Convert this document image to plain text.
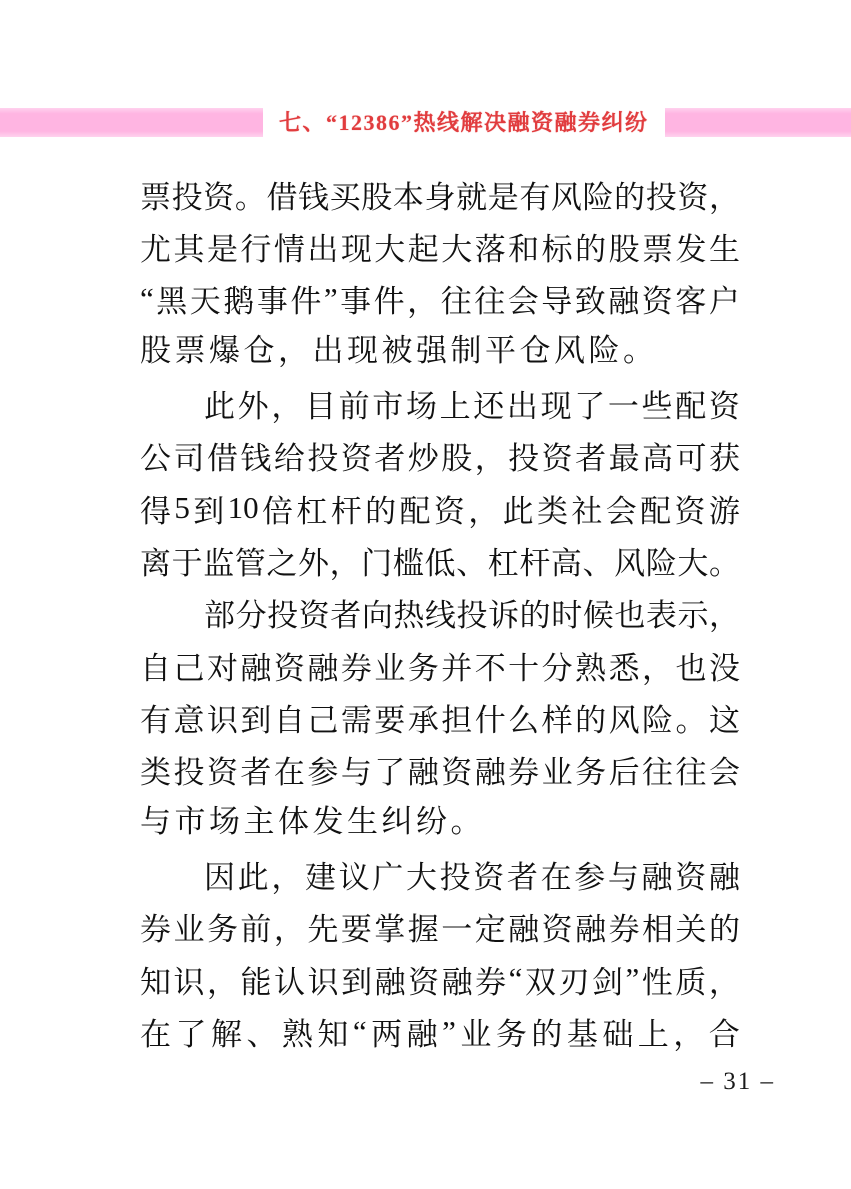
七、“12386”热线解决融资融券纠纷
票 投 资 。 借 钱 买 股 本 身 就 是 有 风 险 的 投 资 ，
尤 其 是 行 情 出 现 大 起 大 落 和 标 的 股 票 发 生
“ 黑 天 鹅 事 件 ” 事 件 ， 往 往 会 导 致 融 资 客 户
股票爆仓，出现被强制平仓风险。
此 外 ， 目 前 市 场 上 还 出 现 了 一 些 配 资
公 司 借 钱 给 投 资 者 炒 股 ， 投 资 者 最 高 可 获
得 5 到 10 倍 杠 杆 的 配 资 ， 此 类 社 会 配 资 游
离 于 监 管 之 外 ， 门 槛 低 、 杠 杆 高 、 风 险 大 。
部 分 投 资 者 向 热 线 投 诉 的 时 候 也 表 示 ，
自 己 对 融 资 融 券 业 务 并 不 十 分 熟 悉 ， 也 没
有 意 识 到 自 己 需 要 承 担 什 么 样 的 风 险 。 这
类 投 资 者 在 参 与 了 融 资 融 券 业 务 后 往 往 会
与市场主体发生纠纷。
因 此 ， 建 议 广 大 投 资 者 在 参 与 融 资 融
券 业 务 前 ， 先 要 掌 握 一 定 融 资 融 券 相 关 的
知 识 ， 能 认 识 到 融 资 融 券 “ 双 刃 剑 ” 性 质 ，
在 了 解 、 熟 知 “ 两 融 ” 业 务 的 基 础 上 ， 合
– 31 –
